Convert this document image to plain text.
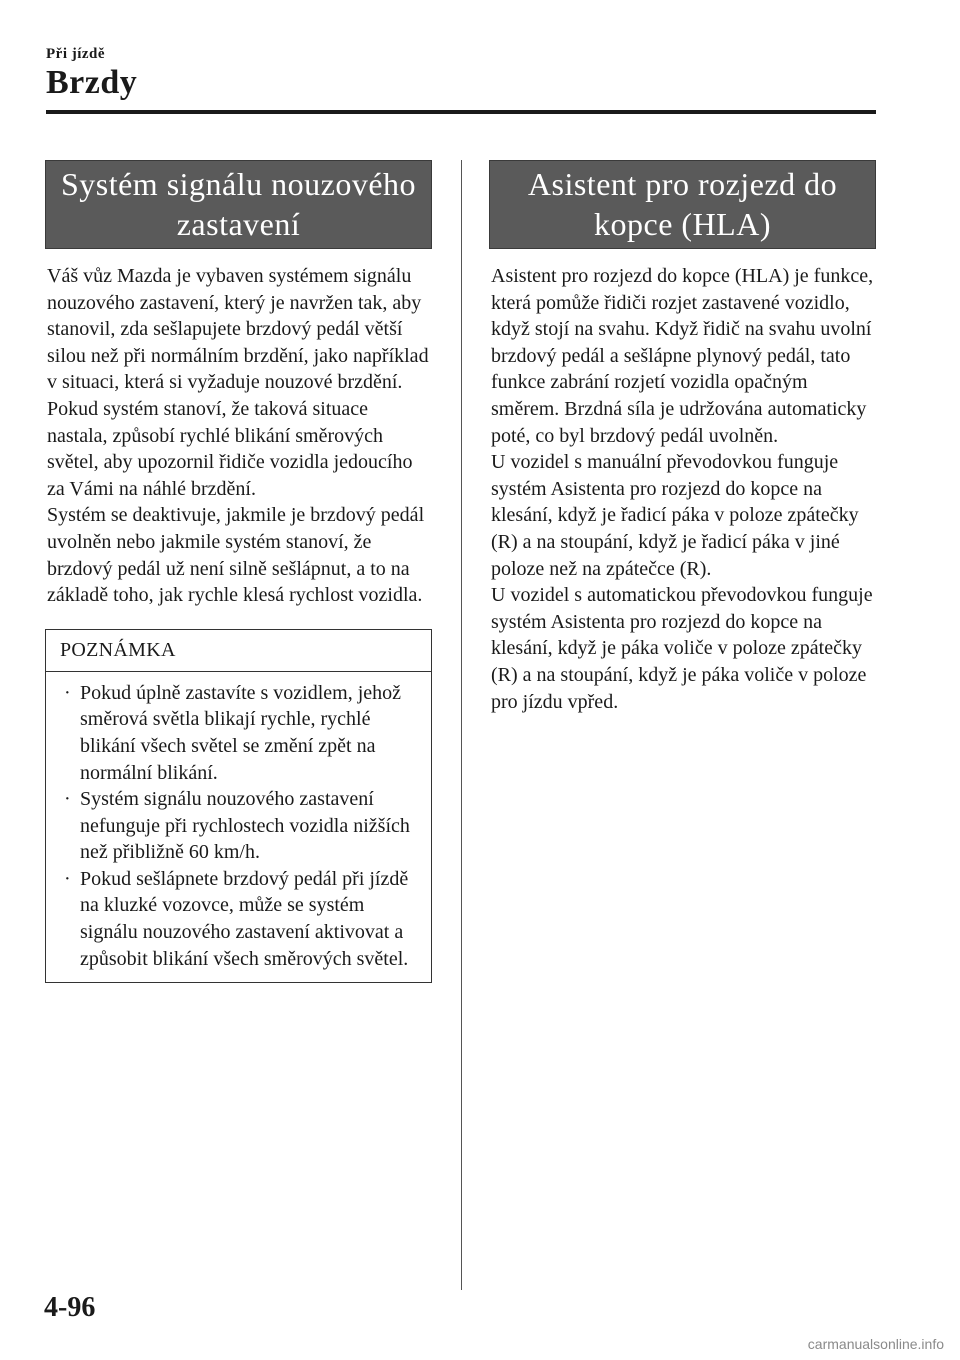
Při jízdě
Brzdy
Systém signálu nouzového zastavení

Váš vůz Mazda je vybaven systémem signálu nouzového zastavení, který je navržen tak, aby stanovil, zda sešlapujete brzdový pedál větší silou než při normálním brzdění, jako například v situaci, která si vyžaduje nouzové brzdění. Pokud systém stanoví, že taková situace nastala, způsobí rychlé blikání směrových světel, aby upozornil řidiče vozidla jedoucího za Vámi na náhlé brzdění.

Systém se deaktivuje, jakmile je brzdový pedál uvolněn nebo jakmile systém stanoví, že brzdový pedál už není silně sešlápnut, a to na základě toho, jak rychle klesá rychlost vozidla.

POZNÁMKA
· Pokud úplně zastavíte s vozidlem, jehož směrová světla blikají rychle, rychlé blikání všech světel se změní zpět na normální blikání.
· Systém signálu nouzového zastavení nefunguje při rychlostech vozidla nižších než přibližně 60 km/h.
· Pokud sešlápnete brzdový pedál při jízdě na kluzké vozovce, může se systém signálu nouzového zastavení aktivovat a způsobit blikání všech směrových světel.
Asistent pro rozjezd do kopce (HLA)

Asistent pro rozjezd do kopce (HLA) je funkce, která pomůže řidiči rozjet zastavené vozidlo, když stojí na svahu. Když řidič na svahu uvolní brzdový pedál a sešlápne plynový pedál, tato funkce zabrání rozjetí vozidla opačným směrem. Brzdná síla je udržována automaticky poté, co byl brzdový pedál uvolněn.

U vozidel s manuální převodovkou funguje systém Asistenta pro rozjezd do kopce na klesání, když je řadicí páka v poloze zpátečky (R) a na stoupání, když je řadicí páka v jiné poloze než na zpátečce (R).

U vozidel s automatickou převodovkou funguje systém Asistenta pro rozjezd do kopce na klesání, když je páka voliče v poloze zpátečky (R) a na stoupání, když je páka voliče v poloze pro jízdu vpřed.

4-96
carmanualsonline.info
